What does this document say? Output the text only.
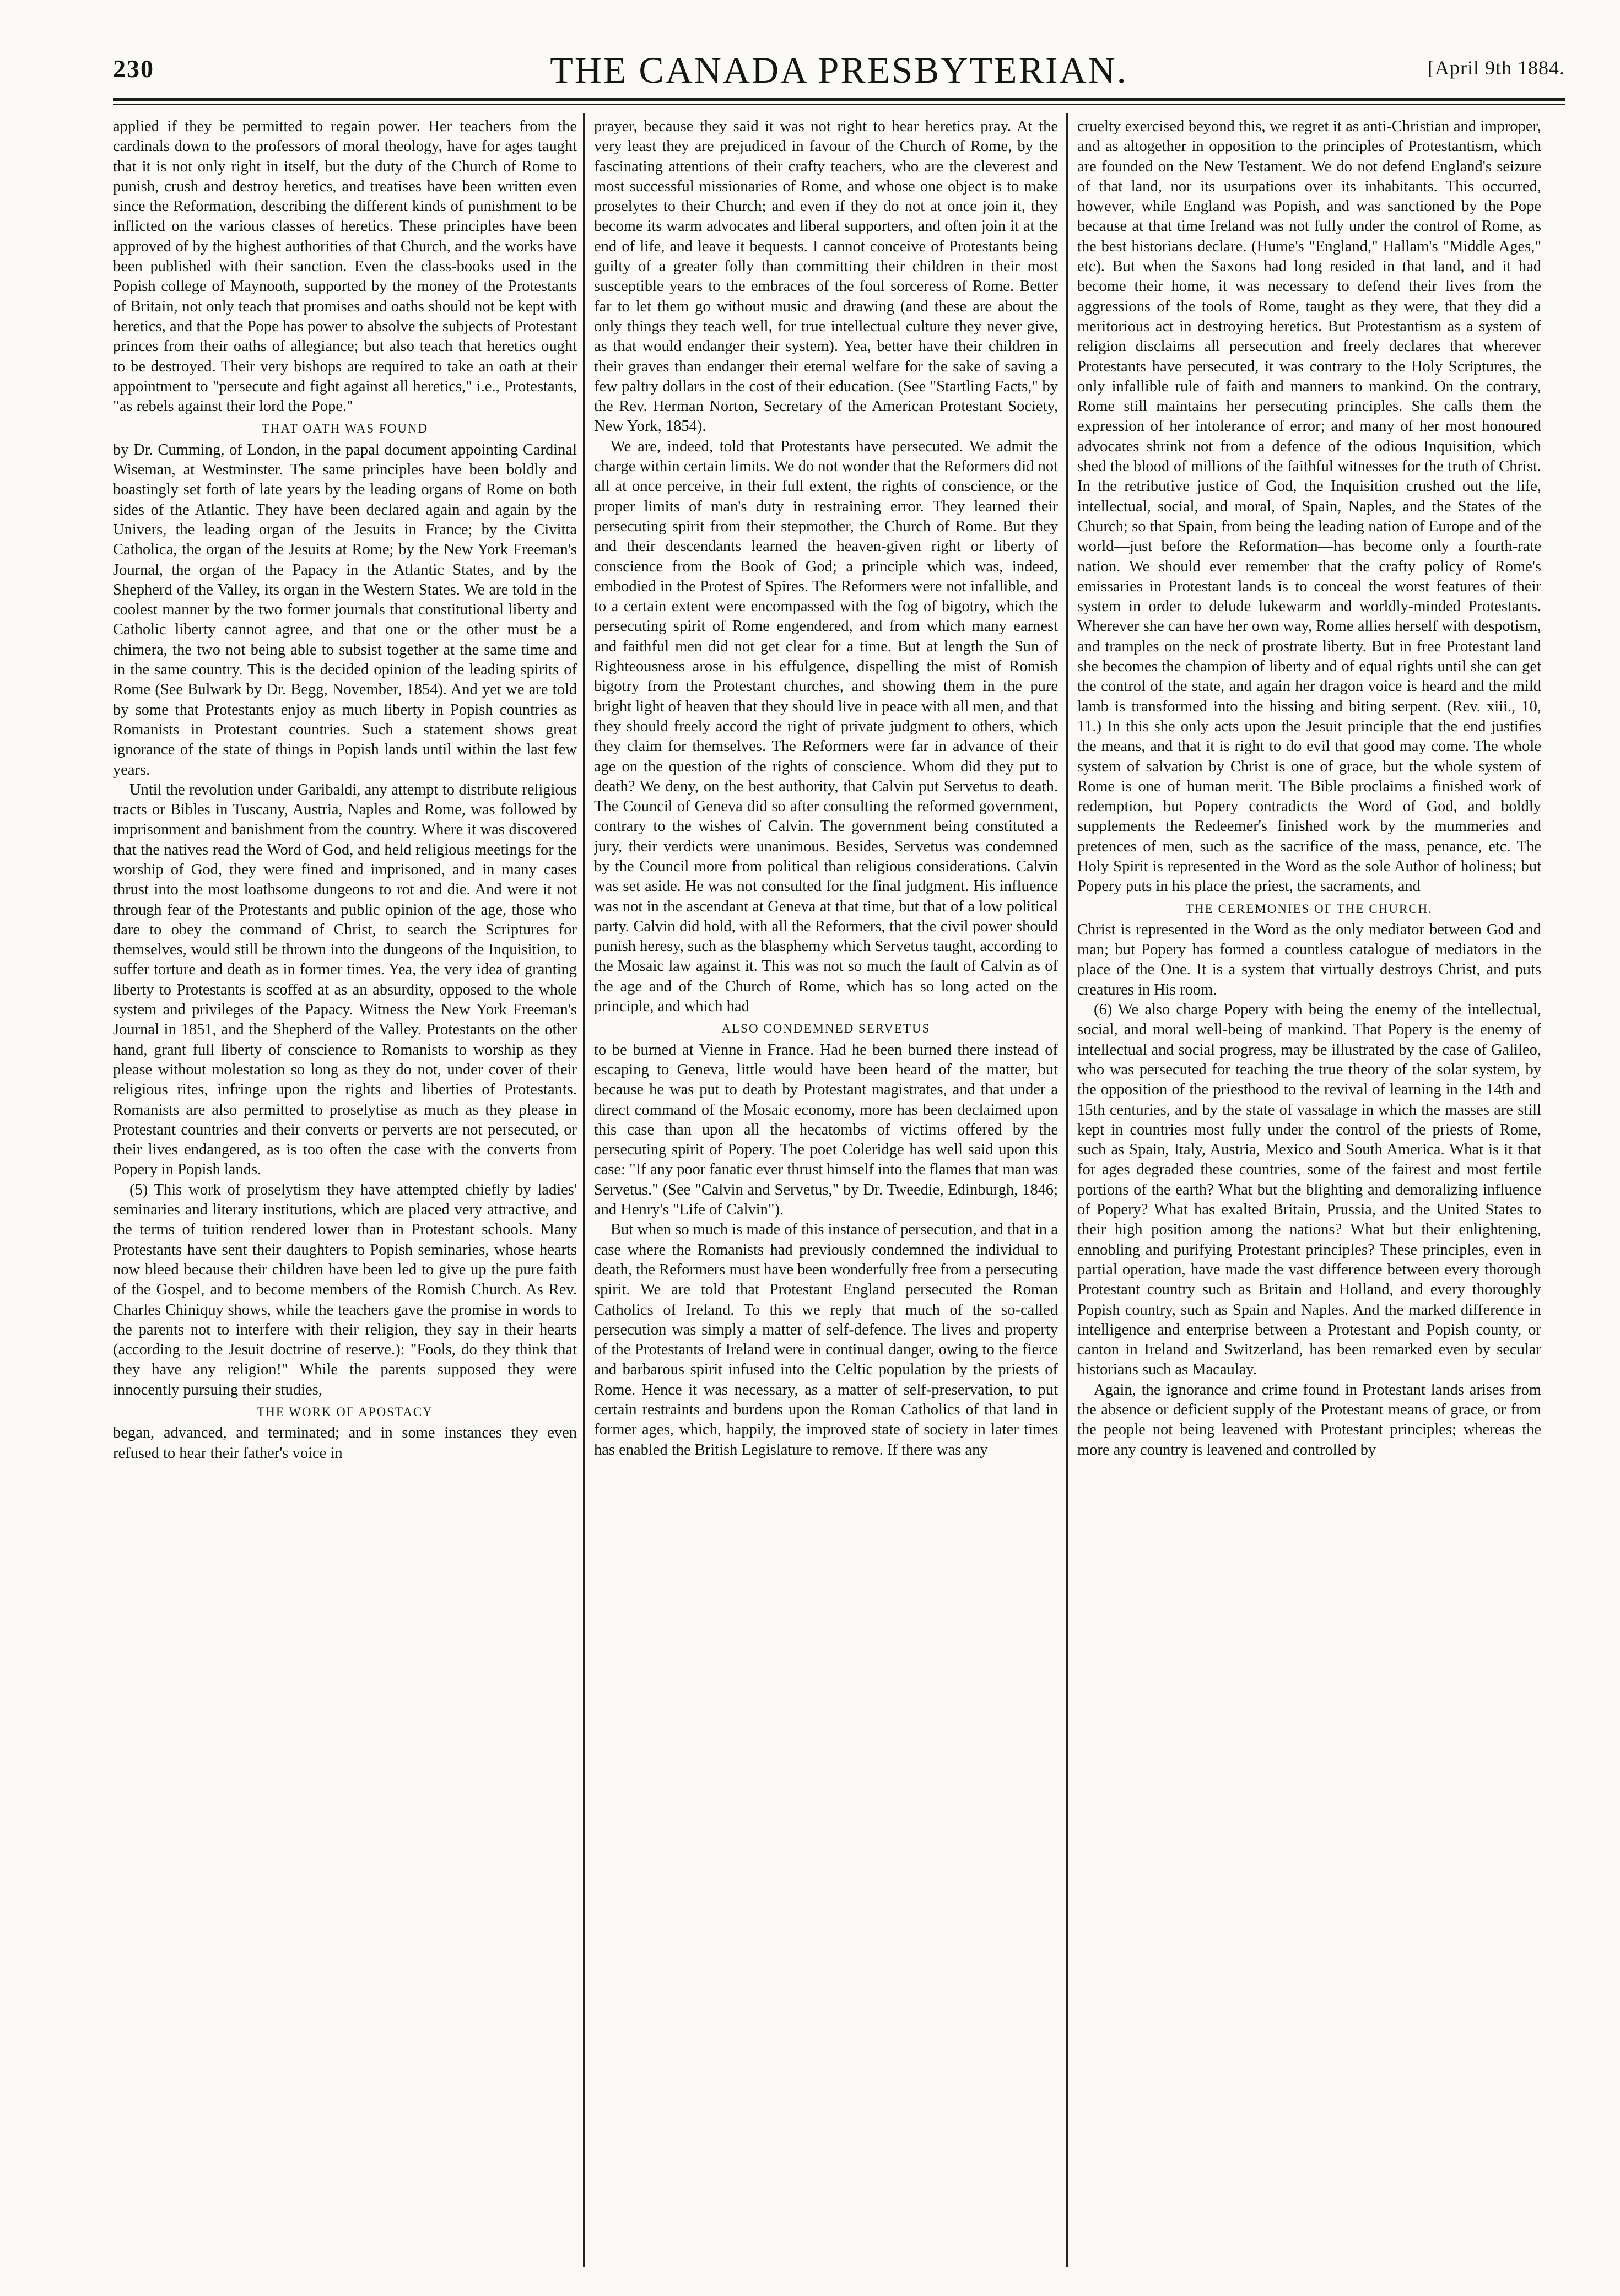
230	THE CANADA PRESBYTERIAN.	[April 9th 1884.

applied if they be permitted to regain power. Her teachers from the cardinals down to the professors of moral theology, have for ages taught that it is not only right in itself, but the duty of the Church of Rome to punish, crush and destroy heretics, and treatises have been written even since the Reformation, describing the different kinds of punishment to be inflicted on the various classes of heretics. These principles have been approved of by the highest authorities of that Church, and the works have been published with their sanction. Even the class-books used in the Popish college of Maynooth, supported by the money of the Protestants of Britain, not only teach that promises and oaths should not be kept with heretics, and that the Pope has power to absolve the subjects of Protestant princes from their oaths of allegiance; but also teach that heretics ought to be destroyed. Their very bishops are required to take an oath at their appointment to "persecute and fight against all heretics," i.e., Protestants, "as rebels against their lord the Pope."

THAT OATH WAS FOUND

by Dr. Cumming, of London, in the papal document appointing Cardinal Wiseman, at Westminster. The same principles have been boldly and boastingly set forth of late years by the leading organs of Rome on both sides of the Atlantic. They have been declared again and again by the Univers, the leading organ of the Jesuits in France; by the Civitta Catholica, the organ of the Jesuits at Rome; by the New York Freeman's Journal, the organ of the Papacy in the Atlantic States, and by the Shepherd of the Valley, its organ in the Western States. We are told in the coolest manner by the two former journals that constitutional liberty and Catholic liberty cannot agree, and that one or the other must be a chimera, the two not being able to subsist together at the same time and in the same country. This is the decided opinion of the leading spirits of Rome (See Bulwark by Dr. Begg, November, 1854). And yet we are told by some that Protestants enjoy as much liberty in Popish countries as Romanists in Protestant countries. Such a statement shows great ignorance of the state of things in Popish lands until within the last few years.

Until the revolution under Garibaldi, any attempt to distribute religious tracts or Bibles in Tuscany, Austria, Naples and Rome, was followed by imprisonment and banishment from the country. Where it was discovered that the natives read the Word of God, and held religious meetings for the worship of God, they were fined and imprisoned, and in many cases thrust into the most loathsome dungeons to rot and die. And were it not through fear of the Protestants and public opinion of the age, those who dare to obey the command of Christ, to search the Scriptures for themselves, would still be thrown into the dungeons of the Inquisition, to suffer torture and death as in former times. Yea, the very idea of granting liberty to Protestants is scoffed at as an absurdity, opposed to the whole system and privileges of the Papacy. Witness the New York Freeman's Journal in 1851, and the Shepherd of the Valley. Protestants on the other hand, grant full liberty of conscience to Romanists to worship as they please without molestation so long as they do not, under cover of their religious rites, infringe upon the rights and liberties of Protestants. Romanists are also permitted to proselytise as much as they please in Protestant countries and their converts or perverts are not persecuted, or their lives endangered, as is too often the case with the converts from Popery in Popish lands.

(5) This work of proselytism they have attempted chiefly by ladies' seminaries and literary institutions, which are placed very attractive, and the terms of tuition rendered lower than in Protestant schools. Many Protestants have sent their daughters to Popish seminaries, whose hearts now bleed because their children have been led to give up the pure faith of the Gospel, and to become members of the Romish Church. As Rev. Charles Chiniquy shows, while the teachers gave the promise in words to the parents not to interfere with their religion, they say in their hearts (according to the Jesuit doctrine of reserve.): "Fools, do they think that they have any religion!" While the parents supposed they were innocently pursuing their studies,

THE WORK OF APOSTACY

began, advanced, and terminated; and in some instances they even refused to hear their father's voice in

prayer, because they said it was not right to hear heretics pray. At the very least they are prejudiced in favour of the Church of Rome, by the fascinating attentions of their crafty teachers, who are the cleverest and most successful missionaries of Rome, and whose one object is to make proselytes to their Church; and even if they do not at once join it, they become its warm advocates and liberal supporters, and often join it at the end of life, and leave it bequests. I cannot conceive of Protestants being guilty of a greater folly than committing their children in their most susceptible years to the embraces of the foul sorceress of Rome. Better far to let them go without music and drawing (and these are about the only things they teach well, for true intellectual culture they never give, as that would endanger their system). Yea, better have their children in their graves than endanger their eternal welfare for the sake of saving a few paltry dollars in the cost of their education. (See "Startling Facts," by the Rev. Herman Norton, Secretary of the American Protestant Society, New York, 1854).

We are, indeed, told that Protestants have persecuted. We admit the charge within certain limits. We do not wonder that the Reformers did not all at once perceive, in their full extent, the rights of conscience, or the proper limits of man's duty in restraining error. They learned their persecuting spirit from their stepmother, the Church of Rome. But they and their descendants learned the heaven-given right or liberty of conscience from the Book of God; a principle which was, indeed, embodied in the Protest of Spires. The Reformers were not infallible, and to a certain extent were encompassed with the fog of bigotry, which the persecuting spirit of Rome engendered, and from which many earnest and faithful men did not get clear for a time. But at length the Sun of Righteousness arose in his effulgence, dispelling the mist of Romish bigotry from the Protestant churches, and showing them in the pure bright light of heaven that they should live in peace with all men, and that they should freely accord the right of private judgment to others, which they claim for themselves. The Reformers were far in advance of their age on the question of the rights of conscience. Whom did they put to death? We deny, on the best authority, that Calvin put Servetus to death. The Council of Geneva did so after consulting the reformed government, contrary to the wishes of Calvin. The government being constituted a jury, their verdicts were unanimous. Besides, Servetus was condemned by the Council more from political than religious considerations. Calvin was set aside. He was not consulted for the final judgment. His influence was not in the ascendant at Geneva at that time, but that of a low political party. Calvin did hold, with all the Reformers, that the civil power should punish heresy, such as the blasphemy which Servetus taught, according to the Mosaic law against it. This was not so much the fault of Calvin as of the age and of the Church of Rome, which has so long acted on the principle, and which had

ALSO CONDEMNED SERVETUS

to be burned at Vienne in France. Had he been burned there instead of escaping to Geneva, little would have been heard of the matter, but because he was put to death by Protestant magistrates, and that under a direct command of the Mosaic economy, more has been declaimed upon this case than upon all the hecatombs of victims offered by the persecuting spirit of Popery. The poet Coleridge has well said upon this case: "If any poor fanatic ever thrust himself into the flames that man was Servetus." (See "Calvin and Servetus," by Dr. Tweedie, Edinburgh, 1846; and Henry's "Life of Calvin").

But when so much is made of this instance of persecution, and that in a case where the Romanists had previously condemned the individual to death, the Reformers must have been wonderfully free from a persecuting spirit. We are told that Protestant England persecuted the Roman Catholics of Ireland. To this we reply that much of the so-called persecution was simply a matter of self-defence. The lives and property of the Protestants of Ireland were in continual danger, owing to the fierce and barbarous spirit infused into the Celtic population by the priests of Rome. Hence it was necessary, as a matter of self-preservation, to put certain restraints and burdens upon the Roman Catholics of that land in former ages, which, happily, the improved state of society in later times has enabled the British Legislature to remove. If there was any

cruelty exercised beyond this, we regret it as anti-Christian and improper, and as altogether in opposition to the principles of Protestantism, which are founded on the New Testament. We do not defend England's seizure of that land, nor its usurpations over its inhabitants. This occurred, however, while England was Popish, and was sanctioned by the Pope because at that time Ireland was not fully under the control of Rome, as the best historians declare. (Hume's "England," Hallam's "Middle Ages," etc). But when the Saxons had long resided in that land, and it had become their home, it was necessary to defend their lives from the aggressions of the tools of Rome, taught as they were, that they did a meritorious act in destroying heretics. But Protestantism as a system of religion disclaims all persecution and freely declares that wherever Protestants have persecuted, it was contrary to the Holy Scriptures, the only infallible rule of faith and manners to mankind. On the contrary, Rome still maintains her persecuting principles. She calls them the expression of her intolerance of error; and many of her most honoured advocates shrink not from a defence of the odious Inquisition, which shed the blood of millions of the faithful witnesses for the truth of Christ. In the retributive justice of God, the Inquisition crushed out the life, intellectual, social, and moral, of Spain, Naples, and the States of the Church; so that Spain, from being the leading nation of Europe and of the world—just before the Reformation—has become only a fourth-rate nation. We should ever remember that the crafty policy of Rome's emissaries in Protestant lands is to conceal the worst features of their system in order to delude lukewarm and worldly-minded Protestants. Wherever she can have her own way, Rome allies herself with despotism, and tramples on the neck of prostrate liberty. But in free Protestant land she becomes the champion of liberty and of equal rights until she can get the control of the state, and again her dragon voice is heard and the mild lamb is transformed into the hissing and biting serpent. (Rev. xiii., 10, 11.) In this she only acts upon the Jesuit principle that the end justifies the means, and that it is right to do evil that good may come. The whole system of salvation by Christ is one of grace, but the whole system of Rome is one of human merit. The Bible proclaims a finished work of redemption, but Popery contradicts the Word of God, and boldly supplements the Redeemer's finished work by the mummeries and pretences of men, such as the sacrifice of the mass, penance, etc. The Holy Spirit is represented in the Word as the sole Author of holiness; but Popery puts in his place the priest, the sacraments, and

THE CEREMONIES OF THE CHURCH.

Christ is represented in the Word as the only mediator between God and man; but Popery has formed a countless catalogue of mediators in the place of the One. It is a system that virtually destroys Christ, and puts creatures in His room.

(6) We also charge Popery with being the enemy of the intellectual, social, and moral well-being of mankind. That Popery is the enemy of intellectual and social progress, may be illustrated by the case of Galileo, who was persecuted for teaching the true theory of the solar system, by the opposition of the priesthood to the revival of learning in the 14th and 15th centuries, and by the state of vassalage in which the masses are still kept in countries most fully under the control of the priests of Rome, such as Spain, Italy, Austria, Mexico and South America. What is it that for ages degraded these countries, some of the fairest and most fertile portions of the earth? What but the blighting and demoralizing influence of Popery? What has exalted Britain, Prussia, and the United States to their high position among the nations? What but their enlightening, ennobling and purifying Protestant principles? These principles, even in partial operation, have made the vast difference between every thorough Protestant country such as Britain and Holland, and every thoroughly Popish country, such as Spain and Naples. And the marked difference in intelligence and enterprise between a Protestant and Popish county, or canton in Ireland and Switzerland, has been remarked even by secular historians such as Macaulay.

Again, the ignorance and crime found in Protestant lands arises from the absence or deficient supply of the Protestant means of grace, or from the people not being leavened with Protestant principles; whereas the more any country is leavened and controlled by
